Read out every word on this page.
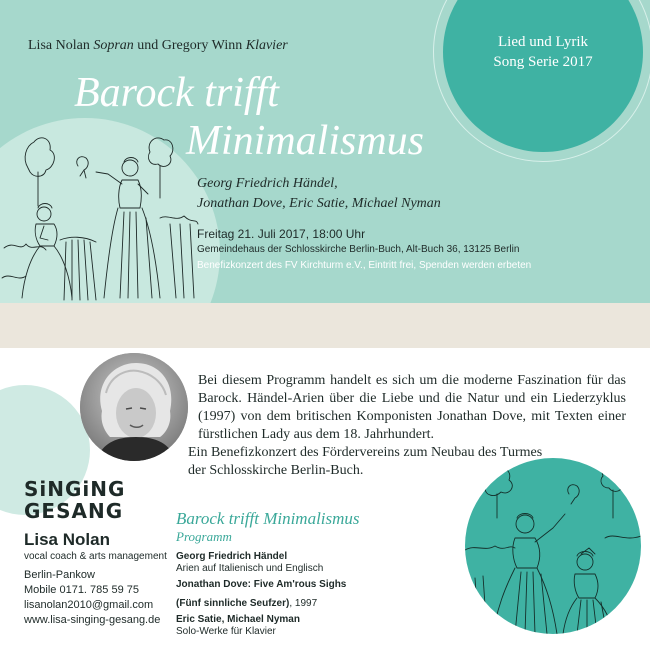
Lisa Nolan Sopran und Gregory Winn Klavier	Lied und Lyrik
Song Serie 2017
Barock trifft
Minimalismus
Georg Friedrich Händel,
Jonathan Dove, Eric Satie, Michael Nyman
Freitag 21. Juli 2017, 18:00 Uhr
Gemeindehaus der Schlosskirche Berlin-Buch, Alt-Buch 36, 13125 Berlin
Benefizkonzert des FV Kirchturm e.V., Eintritt frei, Spenden werden erbeten

Bei diesem Programm handelt es sich um die moderne Faszination für das Barock. Händel-Arien über die Liebe und die Natur und ein Liederzyklus (1997) von dem britischen Komponisten Jonathan Dove, mit Texten einer fürstlichen Lady aus dem 18. Jahrhundert.

Ein Benefizkonzert des Fördervereins zum Neubau des Turmes
der Schlosskirche Berlin-Buch.

SiNGiNG
GESANG
Lisa Nolan
vocal coach & arts management
Berlin-Pankow
Mobile 0171. 785 59 75
lisanolan2010@gmail.com
www.lisa-singing-gesang.de
Barock trifft Minimalismus
Programm
Georg Friedrich Händel
Arien auf Italienisch und Englisch
Jonathan Dove: Five Am'rous Sighs
(Fünf sinnliche Seufzer), 1997
Eric Satie, Michael Nyman
Solo-Werke für Klavier
